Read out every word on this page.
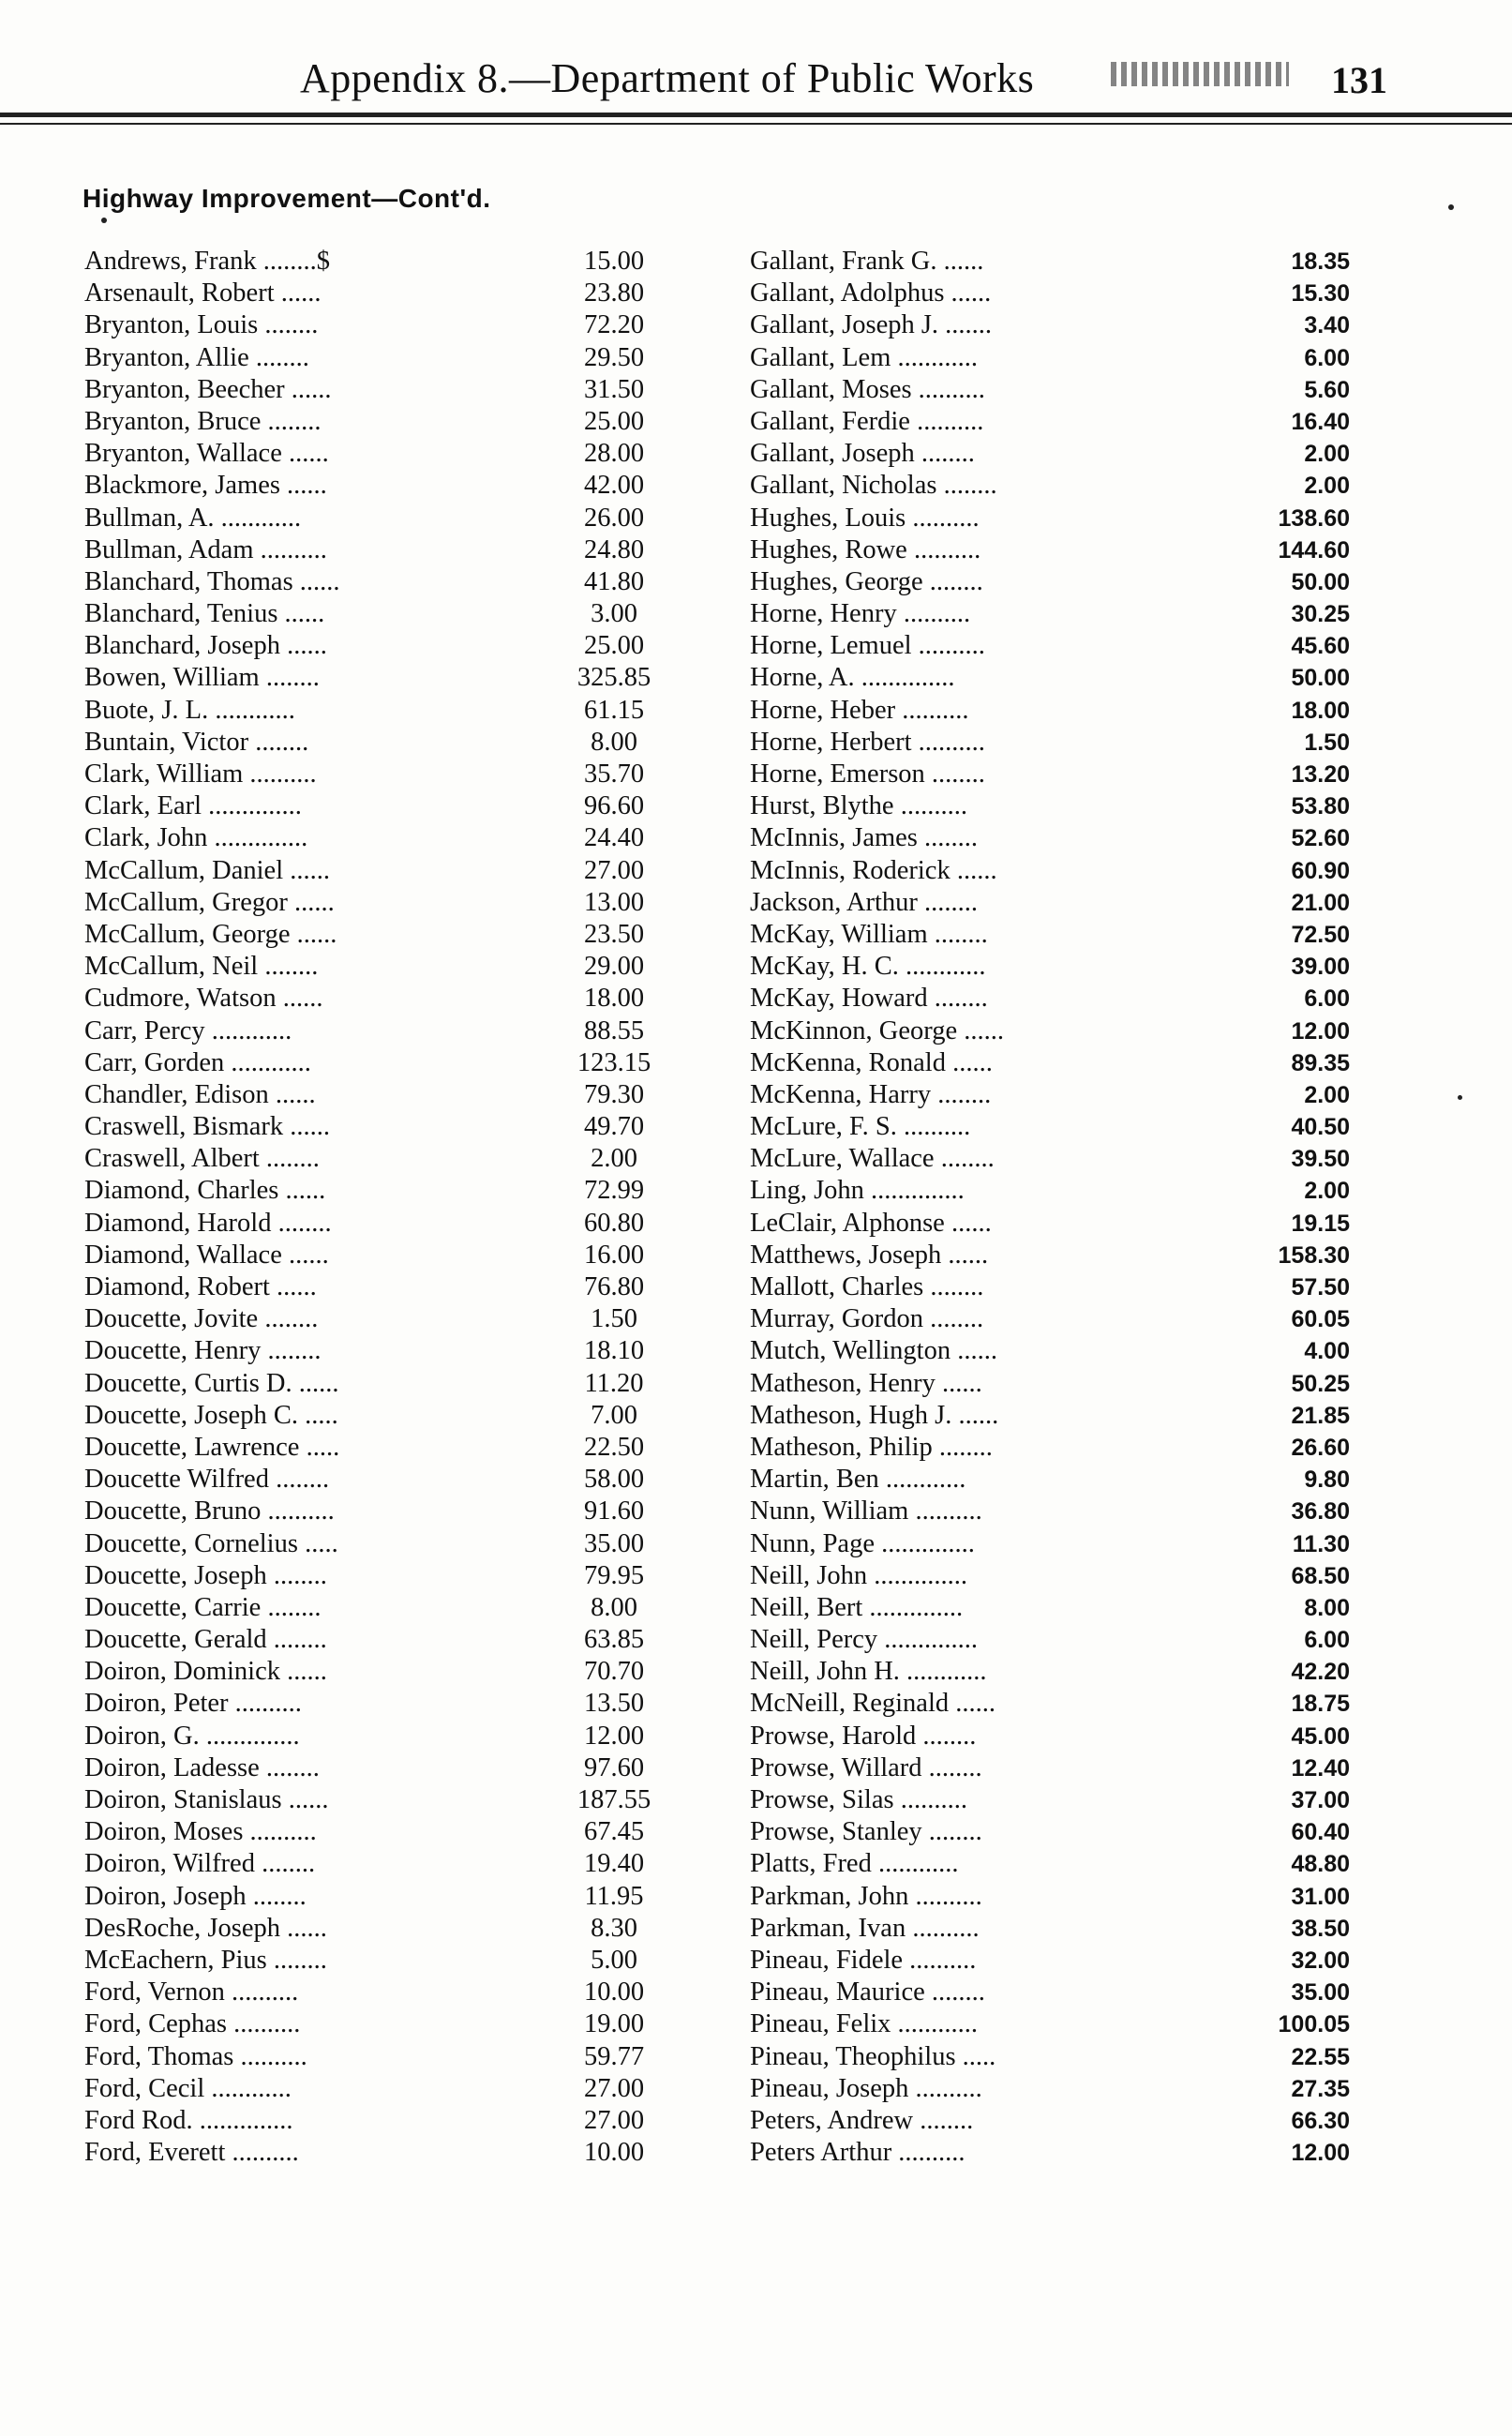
Appendix 8.—Department of Public Works	131
Highway Improvement—Cont'd.
Andrews, Frank ........$	15.00
Arsenault, Robert ......	23.80
Bryanton, Louis ........	72.20
Bryanton, Allie ........	29.50
Bryanton, Beecher ......	31.50
Bryanton, Bruce ........	25.00
Bryanton, Wallace ......	28.00
Blackmore, James ......	42.00
Bullman, A. ............	26.00
Bullman, Adam ..........	24.80
Blanchard, Thomas ......	41.80
Blanchard, Tenius ......	3.00
Blanchard, Joseph ......	25.00
Bowen, William ........	325.85
Buote, J. L. ............	61.15
Buntain, Victor ........	8.00
Clark, William ..........	35.70
Clark, Earl ..............	96.60
Clark, John ..............	24.40
McCallum, Daniel ......	27.00
McCallum, Gregor ......	13.00
McCallum, George ......	23.50
McCallum, Neil ........	29.00
Cudmore, Watson ......	18.00
Carr, Percy ............	88.55
Carr, Gorden ............	123.15
Chandler, Edison ......	79.30
Craswell, Bismark ......	49.70
Craswell, Albert ........	2.00
Diamond, Charles ......	72.99
Diamond, Harold ........	60.80
Diamond, Wallace ......	16.00
Diamond, Robert ......	76.80
Doucette, Jovite ........	1.50
Doucette, Henry ........	18.10
Doucette, Curtis D. ......	11.20
Doucette, Joseph C. .....	7.00
Doucette, Lawrence .....	22.50
Doucette Wilfred ........	58.00
Doucette, Bruno ..........	91.60
Doucette, Cornelius .....	35.00
Doucette, Joseph ........	79.95
Doucette, Carrie ........	8.00
Doucette, Gerald ........	63.85
Doiron, Dominick ......	70.70
Doiron, Peter ..........	13.50
Doiron, G. ..............	12.00
Doiron, Ladesse ........	97.60
Doiron, Stanislaus ......	187.55
Doiron, Moses ..........	67.45
Doiron, Wilfred ........	19.40
Doiron, Joseph ........	11.95
DesRoche, Joseph ......	8.30
McEachern, Pius ........	5.00
Ford, Vernon ..........	10.00
Ford, Cephas ..........	19.00
Ford, Thomas ..........	59.77
Ford, Cecil ............	27.00
Ford Rod. ..............	27.00
Ford, Everett ..........	10.00
Gallant, Frank G. ......	18.35
Gallant, Adolphus ......	15.30
Gallant, Joseph J. .......	3.40
Gallant, Lem ............	6.00
Gallant, Moses ..........	5.60
Gallant, Ferdie ..........	16.40
Gallant, Joseph ........	2.00
Gallant, Nicholas ........	2.00
Hughes, Louis ..........	138.60
Hughes, Rowe ..........	144.60
Hughes, George ........	50.00
Horne, Henry ..........	30.25
Horne, Lemuel ..........	45.60
Horne, A. ..............	50.00
Horne, Heber ..........	18.00
Horne, Herbert ..........	1.50
Horne, Emerson ........	13.20
Hurst, Blythe ..........	53.80
McInnis, James ........	52.60
McInnis, Roderick ......	60.90
Jackson, Arthur ........	21.00
McKay, William ........	72.50
McKay, H. C. ............	39.00
McKay, Howard ........	6.00
McKinnon, George ......	12.00
McKenna, Ronald ......	89.35
McKenna, Harry ........	2.00
McLure, F. S. ..........	40.50
McLure, Wallace ........	39.50
Ling, John ..............	2.00
LeClair, Alphonse ......	19.15
Matthews, Joseph ......	158.30
Mallott, Charles ........	57.50
Murray, Gordon ........	60.05
Mutch, Wellington ......	4.00
Matheson, Henry ......	50.25
Matheson, Hugh J. ......	21.85
Matheson, Philip ........	26.60
Martin, Ben ............	9.80
Nunn, William ..........	36.80
Nunn, Page ..............	11.30
Neill, John ..............	68.50
Neill, Bert ..............	8.00
Neill, Percy ..............	6.00
Neill, John H. ............	42.20
McNeill, Reginald ......	18.75
Prowse, Harold ........	45.00
Prowse, Willard ........	12.40
Prowse, Silas ..........	37.00
Prowse, Stanley ........	60.40
Platts, Fred ............	48.80
Parkman, John ..........	31.00
Parkman, Ivan ..........	38.50
Pineau, Fidele ..........	32.00
Pineau, Maurice ........	35.00
Pineau, Felix ............	100.05
Pineau, Theophilus .....	22.55
Pineau, Joseph ..........	27.35
Peters, Andrew ........	66.30
Peters Arthur ..........	12.00
